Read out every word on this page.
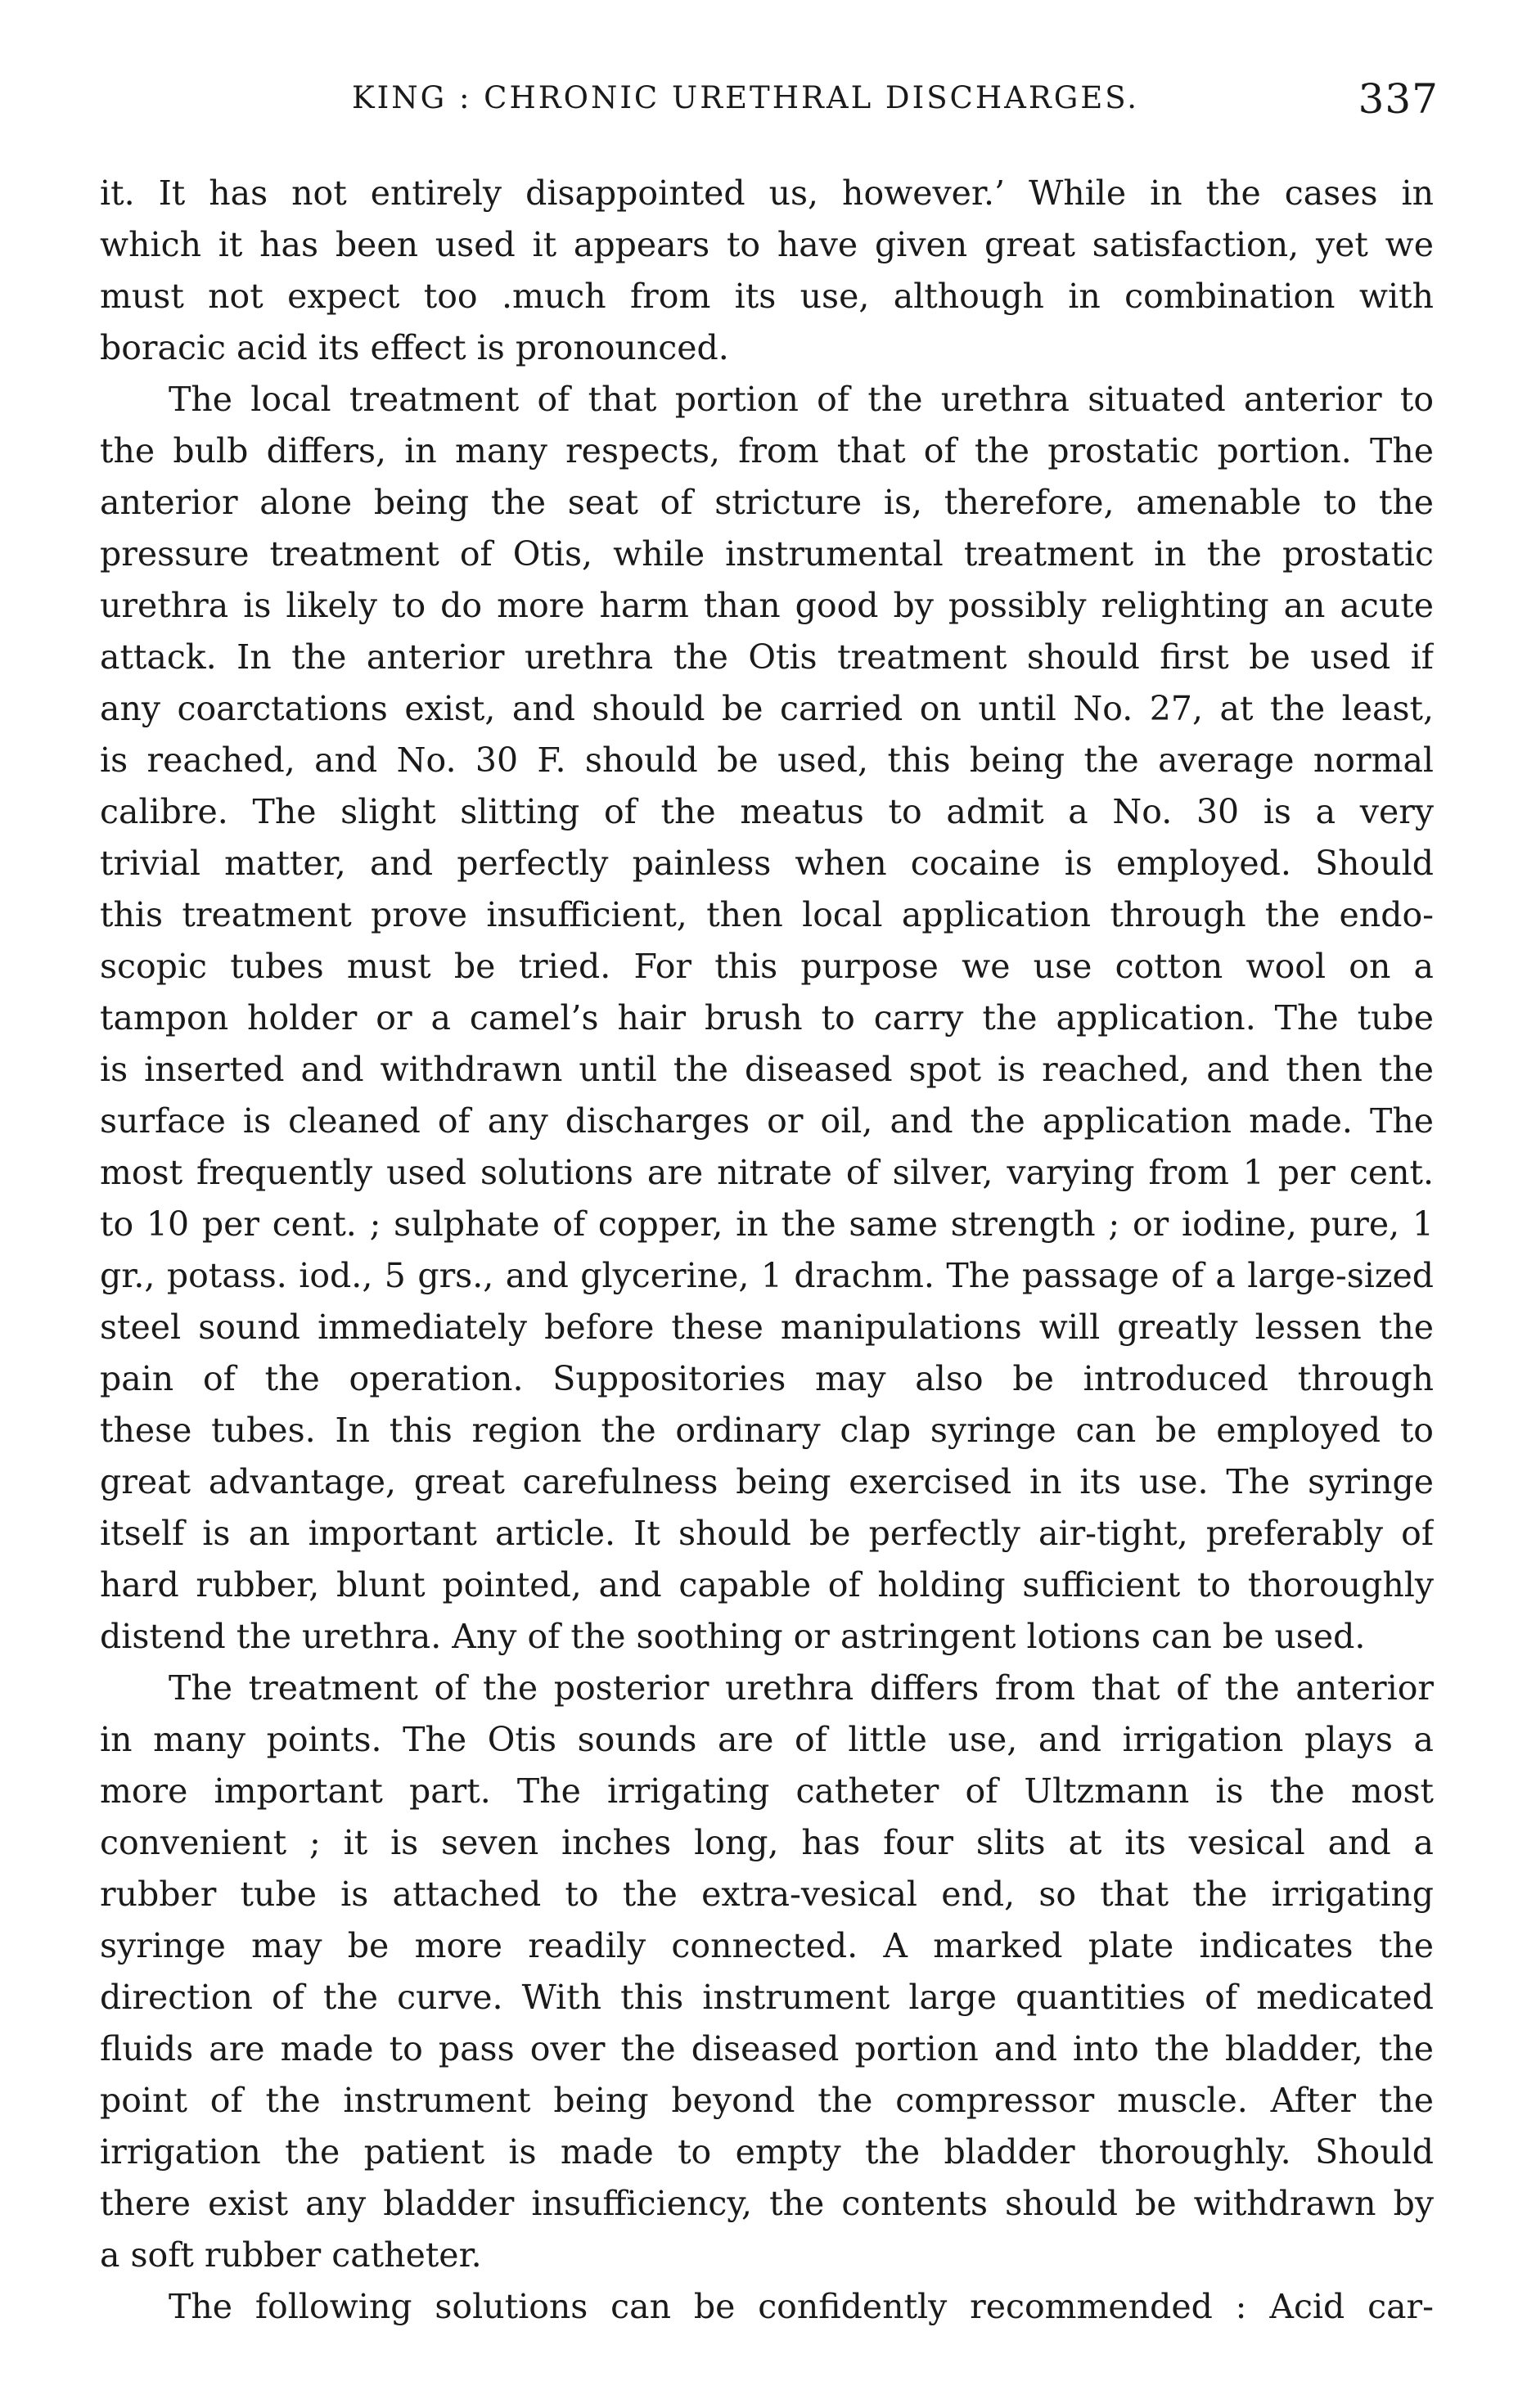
KING : CHRONIC URETHRAL DISCHARGES.	337
it. It has not entirely disappointed us, however.’ While in the cases in
which it has been used it appears to have given great satisfaction, yet we
must not expect too .much from its use, although in combination with
boracic acid its effect is pronounced.
The local treatment of that portion of the urethra situated anterior to
the bulb differs, in many respects, from that of the prostatic portion. The
anterior alone being the seat of stricture is, therefore, amenable to the
pressure treatment of Otis, while instrumental treatment in the prostatic
urethra is likely to do more harm than good by possibly relighting an acute
attack. In the anterior urethra the Otis treatment should first be used if
any coarctations exist, and should be carried on until No. 27, at the least,
is reached, and No. 30 F. should be used, this being the average normal
calibre. The slight slitting of the meatus to admit a No. 30 is a very
trivial matter, and perfectly painless when cocaine is employed. Should
this treatment prove insufficient, then local application through the endo-
scopic tubes must be tried. For this purpose we use cotton wool on a
tampon holder or a camel’s hair brush to carry the application. The tube
is inserted and withdrawn until the diseased spot is reached, and then the
surface is cleaned of any discharges or oil, and the application made. The
most frequently used solutions are nitrate of silver, varying from 1 per cent.
to 10 per cent. ; sulphate of copper, in the same strength ; or iodine, pure, 1
gr., potass. iod., 5 grs., and glycerine, 1 drachm. The passage of a large-sized
steel sound immediately before these manipulations will greatly lessen the
pain of the operation. Suppositories may also be introduced through
these tubes. In this region the ordinary clap syringe can be employed to
great advantage, great carefulness being exercised in its use. The syringe
itself is an important article. It should be perfectly air-tight, preferably of
hard rubber, blunt pointed, and capable of holding sufficient to thoroughly
distend the urethra. Any of the soothing or astringent lotions can be used.
The treatment of the posterior urethra differs from that of the anterior
in many points. The Otis sounds are of little use, and irrigation plays a
more important part. The irrigating catheter of Ultzmann is the most
convenient ; it is seven inches long, has four slits at its vesical and a
rubber tube is attached to the extra-vesical end, so that the irrigating
syringe may be more readily connected. A marked plate indicates the
direction of the curve. With this instrument large quantities of medicated
fluids are made to pass over the diseased portion and into the bladder, the
point of the instrument being beyond the compressor muscle. After the
irrigation the patient is made to empty the bladder thoroughly. Should
there exist any bladder insufficiency, the contents should be withdrawn by
a soft rubber catheter.
The following solutions can be confidently recommended : Acid car-
